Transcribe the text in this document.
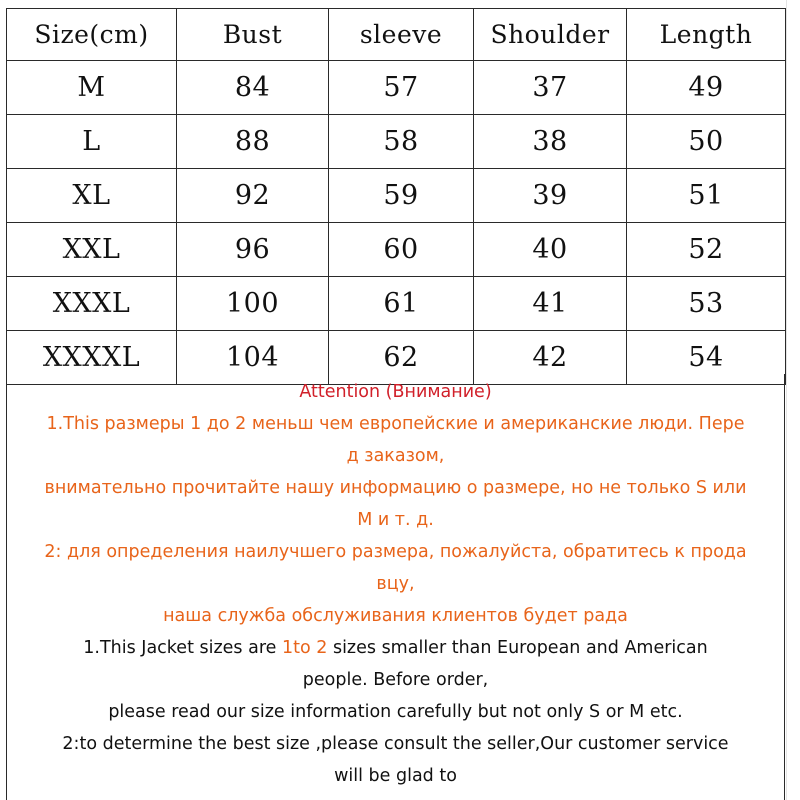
Size(cm)	Bust	sleeve	Shoulder	Length
M	84	57	37	49
L	88	58	38	50
XL	92	59	39	51
XXL	96	60	40	52
XXXL	100	61	41	53
XXXXL	104	62	42	54

Attention (Внимание)

1.This размеры 1 до 2 меньш чем европейские и американские люди. Пере

д заказом,

внимательно прочитайте нашу информацию о размере, но не только S или

M и т. д.

2: для определения наилучшего размера, пожалуйста, обратитесь к прода

вцу,

наша служба обслуживания клиентов будет рада

1.This Jacket sizes are 1to 2 sizes smaller than European and American

people. Before order,

please read our size information carefully but not only S or M etc.

2:to determine the best size ,please consult the seller,Our customer service

will be glad to
